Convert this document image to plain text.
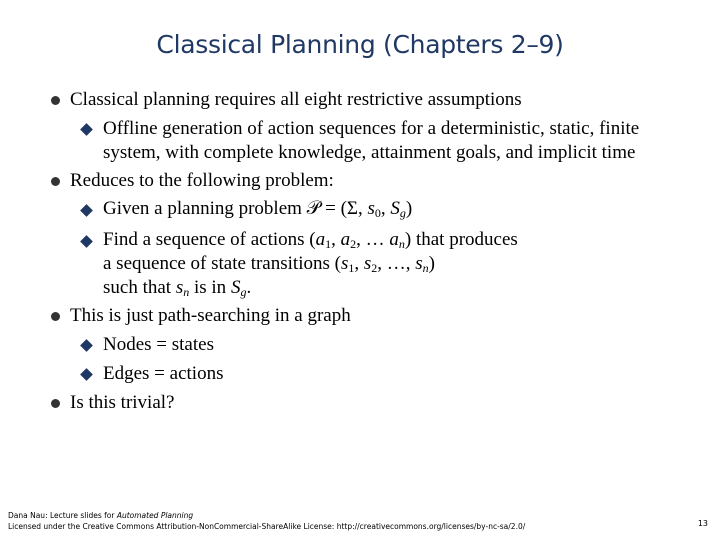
Classical Planning (Chapters 2–9)
Classical planning requires all eight restrictive assumptions
Offline generation of action sequences for a deterministic, static, finite
system, with complete knowledge, attainment goals, and implicit time
Reduces to the following problem:
Given a planning problem 𝒫 = (Σ, $s_0$, $S_g$)
Find a sequence of actions ($a_1$, $a_2$, … $a_n$) that produces
a sequence of state transitions ($s_1$, $s_2$, …, $s_n$)
such that $s_n$ is in $S_g$.
This is just path-searching in a graph
Nodes = states
Edges = actions
Is this trivial?
Dana Nau: Lecture slides for Automated Planning
Licensed under the Creative Commons Attribution-NonCommercial-ShareAlike License: http://creativecommons.org/licenses/by-nc-sa/2.0/	13
